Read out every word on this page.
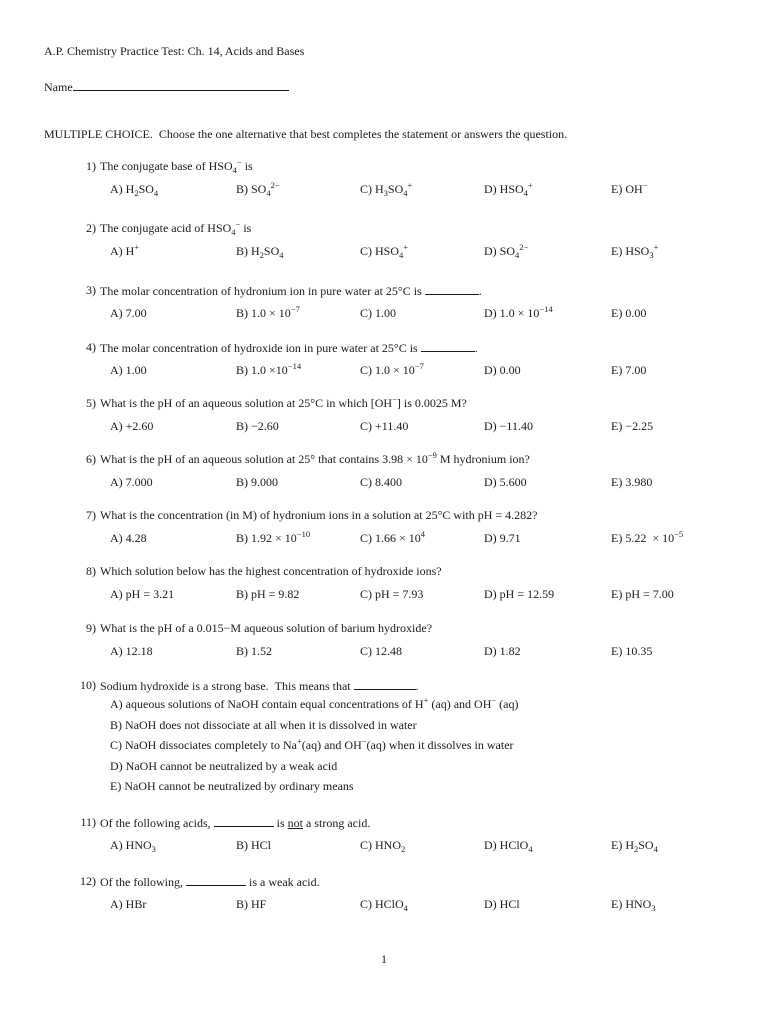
A.P. Chemistry Practice Test: Ch. 14, Acids and Bases
Name
MULTIPLE CHOICE. Choose the one alternative that best completes the statement or answers the question.
1) The conjugate base of $HSO_4^-$ is
A) $H_2SO_4$	B) $SO_4^{2-}$	C) $H_3SO_4^+$	D) $HSO_4^+$	E) OH−
2) The conjugate acid of $HSO_4^-$ is
A) H+	B) $H_2SO_4$	C) $HSO_4^+$	D) $SO_4^{2-}$	E) $HSO_3^+$
3) The molar concentration of hydronium ion in pure water at 25°C is	.
A) 7.00	B) $1.0 \times 10^{-7}$	C) 1.00	D) $1.0 \times 10^{-14}$	E) 0.00
4) The molar concentration of hydroxide ion in pure water at 25°C is	.
A) 1.00	B) $1.0 \times 10^{-14}$	C) $1.0 \times 10^{-7}$	D) 0.00	E) 7.00
5) What is the pH of an aqueous solution at 25°C in which [OH−] is 0.0025 M?
A) +2.60	B) −2.60	C) +11.40	D) −11.40	E) −2.25
6) What is the pH of an aqueous solution at 25° that contains $3.98 \times 10^{-9}$ M hydronium ion?
A) 7.000	B) 9.000	C) 8.400	D) 5.600	E) 3.980
7) What is the concentration (in M) of hydronium ions in a solution at 25°C with pH = 4.282?
A) 4.28	B) $1.92 \times 10^{-10}$	C) $1.66 \times 10^4$	D) 9.71	E) $5.22 \times 10^{-5}$
8) Which solution below has the highest concentration of hydroxide ions?
A) pH = 3.21	B) pH = 9.82	C) pH = 7.93	D) pH = 12.59	E) pH = 7.00
9) What is the pH of a 0.015−M aqueous solution of barium hydroxide?
A) 12.18	B) 1.52	C) 12.48	D) 1.82	E) 10.35
10) Sodium hydroxide is a strong base.  This means that	.
A) aqueous solutions of NaOH contain equal concentrations of H+ (aq) and OH− (aq)
B) NaOH does not dissociate at all when it is dissolved in water
C) NaOH dissociates completely to Na+(aq) and OH−(aq) when it dissolves in water
D) NaOH cannot be neutralized by a weak acid
E) NaOH cannot be neutralized by ordinary means
11) Of the following acids,	is not a strong acid.
A) $HNO_3$	B) HCl	C) $HNO_2$	D) HClO$_4$	E) $H_2SO_4$
12) Of the following,	is a weak acid.
A) HBr	B) HF	C) HClO$_4$	D) HCl	E) $HNO_3$
1
